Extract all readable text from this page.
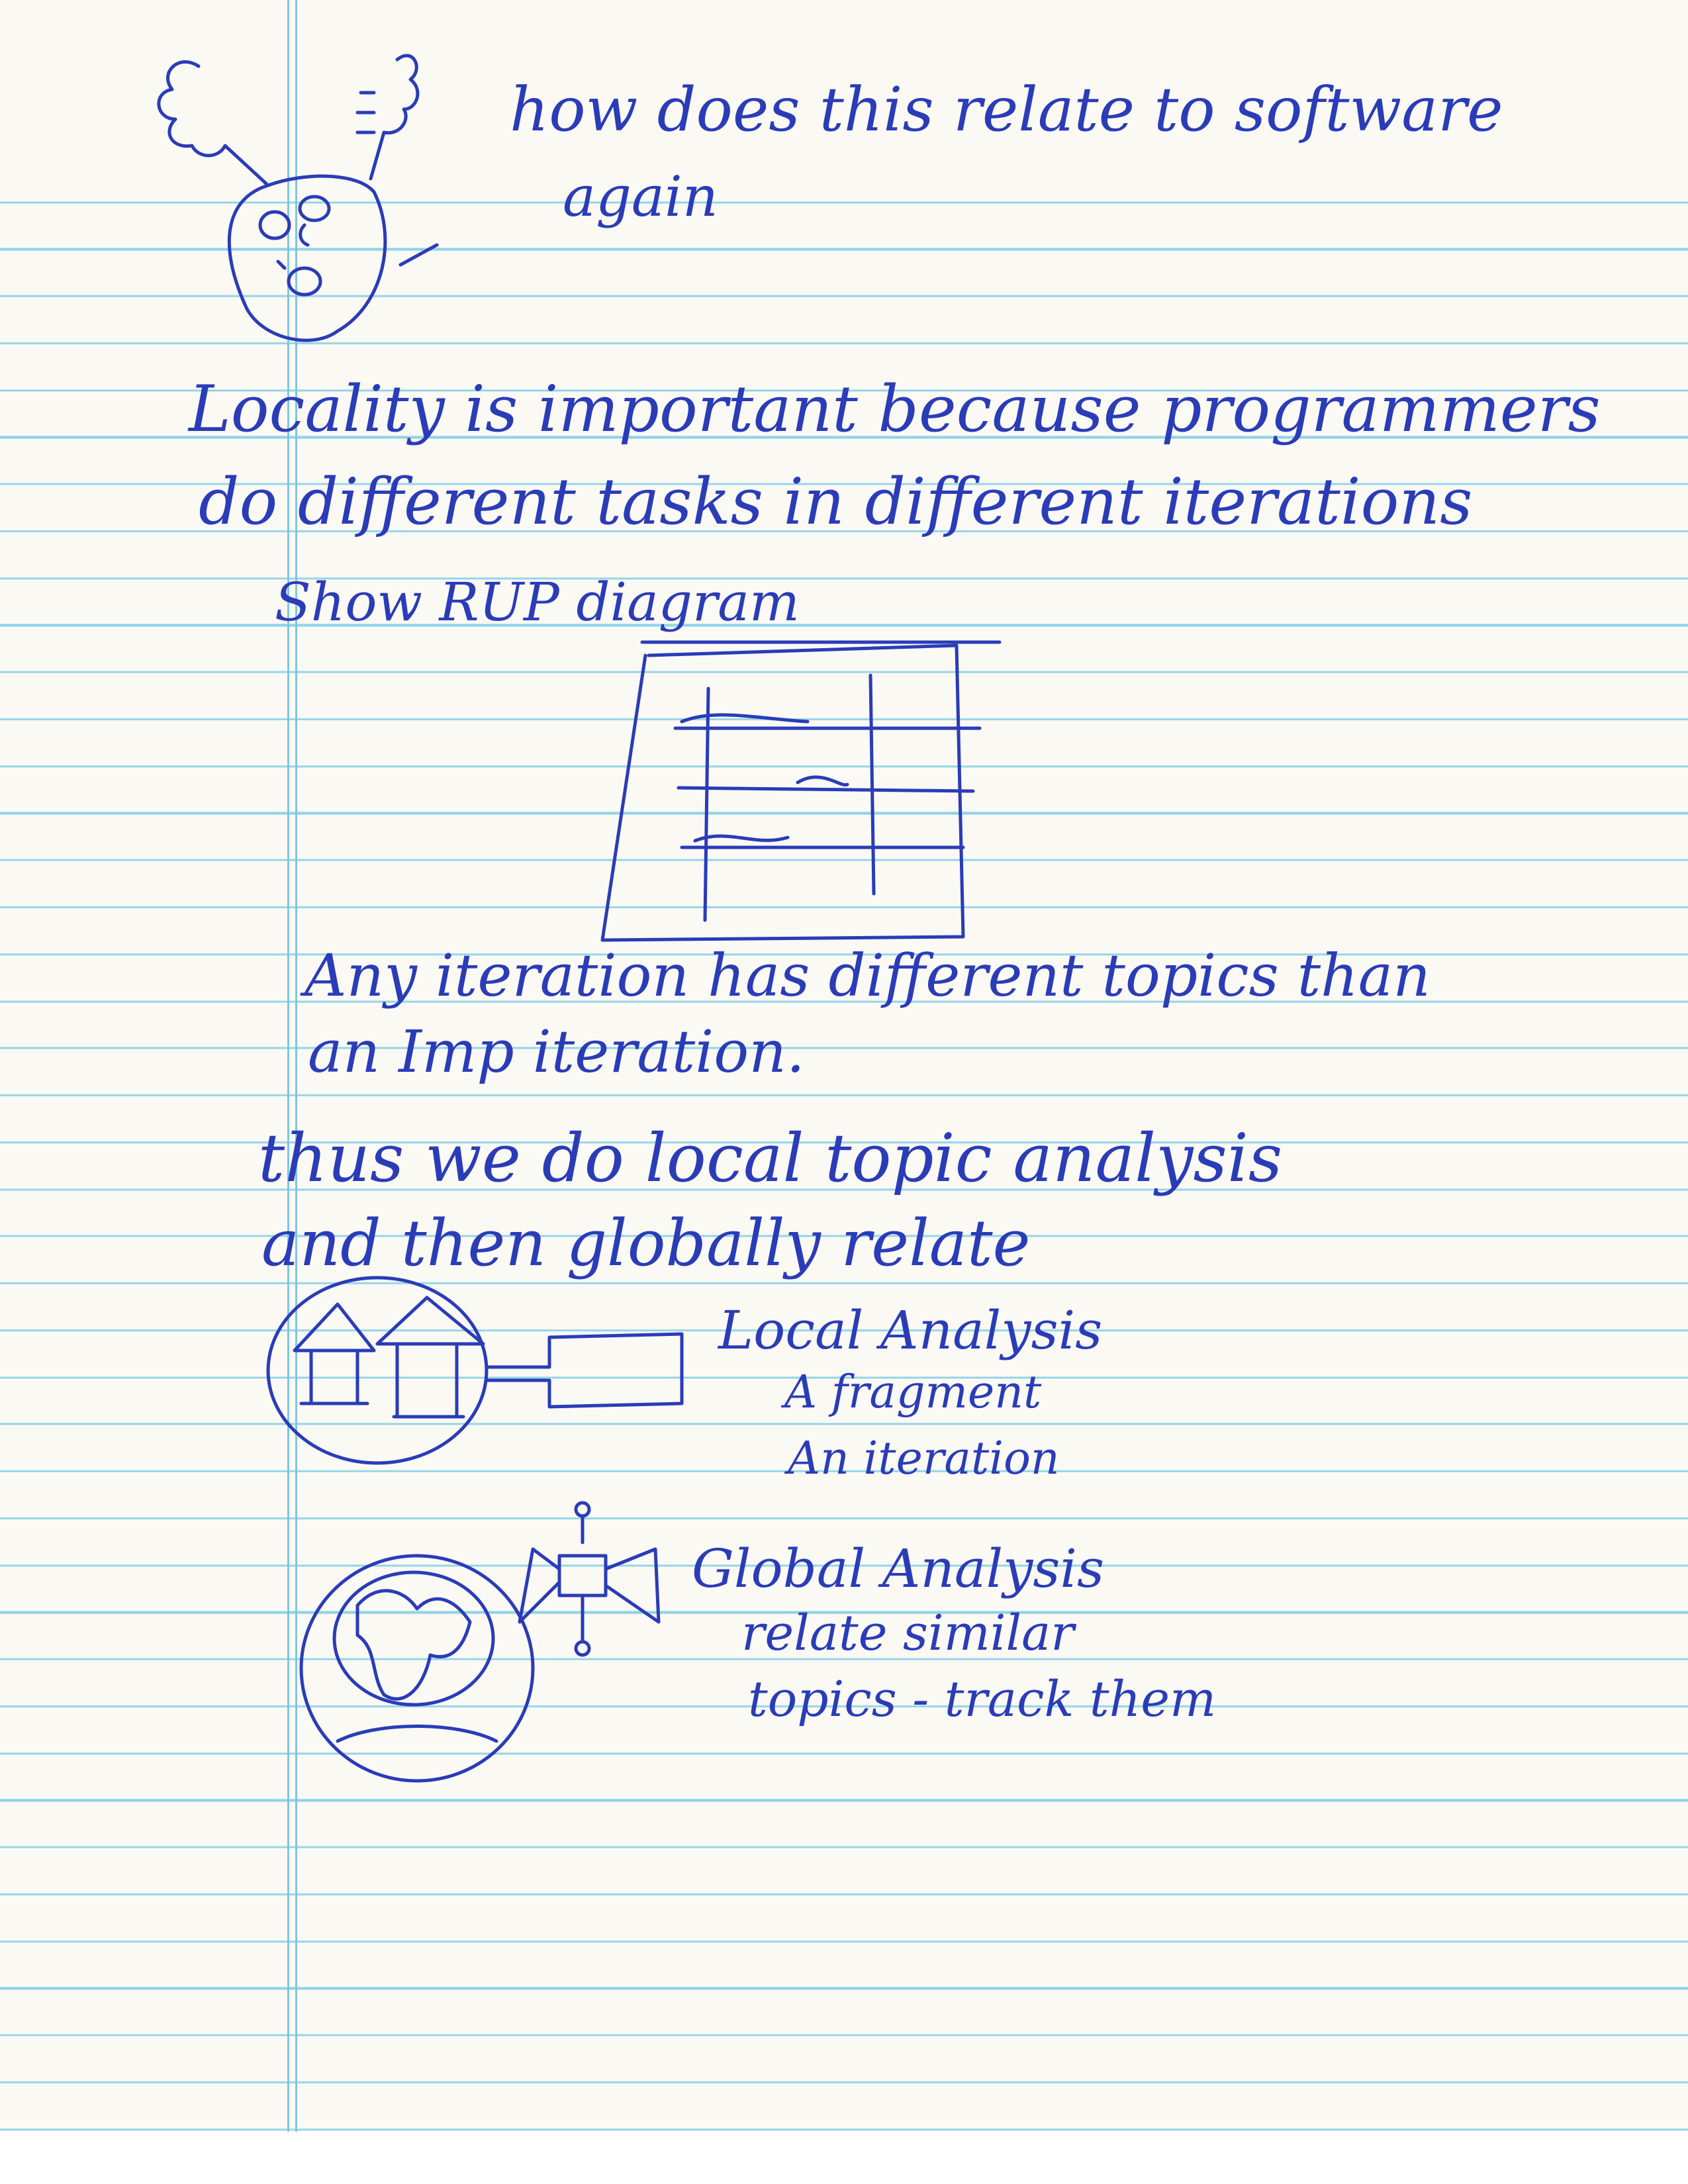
how does this relate to software
again
Locality is important because programmers
do different tasks in different iterations
Show RUP diagram
Any iteration has different topics than
an Imp iteration.
thus we do local topic analysis
and then globally relate
Local Analysis
A fragment
An iteration
Global Analysis
relate similar
topics - track them
